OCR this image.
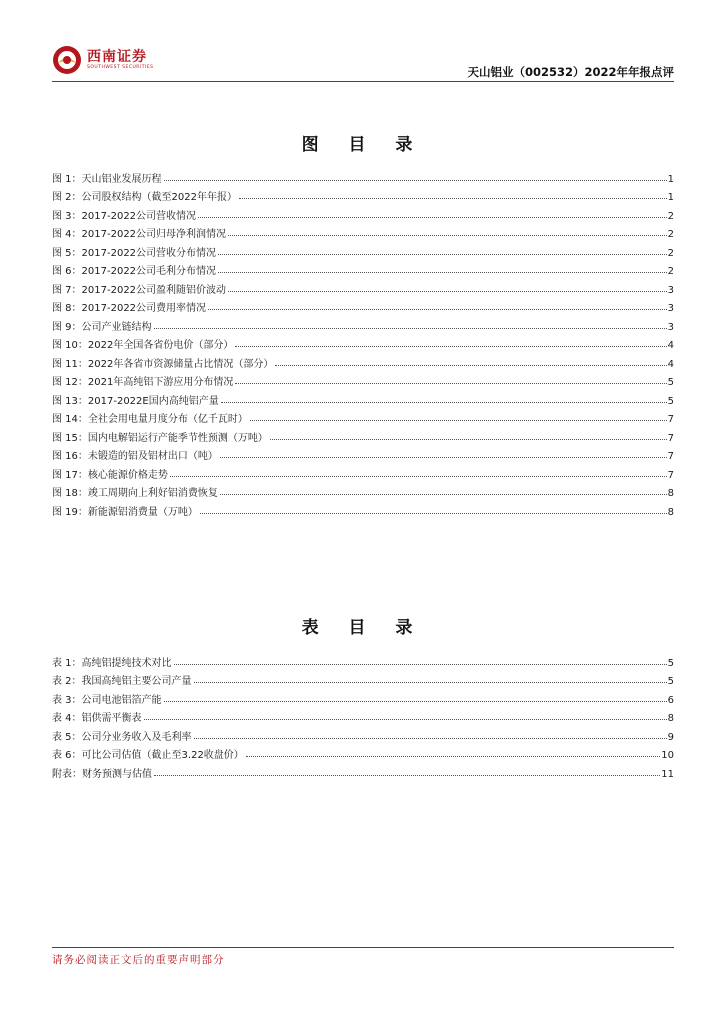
西南证券
SOUTHWEST SECURITIES	天山铝业（002532）2022年年报点评
图 目 录
图 1：天山铝业发展历程	1
图 2：公司股权结构（截至2022年年报）	1
图 3：2017-2022公司营收情况	2
图 4：2017-2022公司归母净利润情况	2
图 5：2017-2022公司营收分布情况	2
图 6：2017-2022公司毛利分布情况	2
图 7：2017-2022公司盈利随铝价波动	3
图 8：2017-2022公司费用率情况	3
图 9：公司产业链结构	3
图 10：2022年全国各省份电价（部分）	4
图 11：2022年各省市资源储量占比情况（部分）	4
图 12：2021年高纯铝下游应用分布情况	5
图 13：2017-2022E国内高纯铝产量	5
图 14：全社会用电量月度分布（亿千瓦时）	7
图 15：国内电解铝运行产能季节性预测（万吨）	7
图 16：未锻造的铝及铝材出口（吨）	7
图 17：核心能源价格走势	7
图 18：竣工周期向上利好铝消费恢复	8
图 19：新能源铝消费量（万吨）	8
表 目 录
表 1：高纯铝提纯技术对比	5
表 2：我国高纯铝主要公司产量	5
表 3：公司电池铝箔产能	6
表 4：铝供需平衡表	8
表 5：公司分业务收入及毛利率	9
表 6：可比公司估值（截止至3.22收盘价）	10
附表：财务预测与估值	11
请务必阅读正文后的重要声明部分
